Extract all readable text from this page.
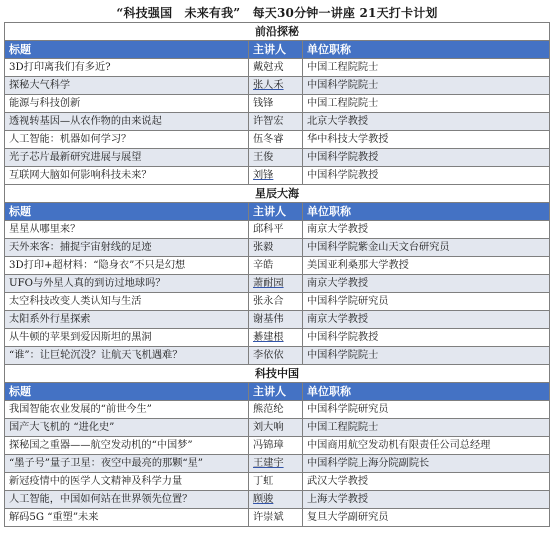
“科技强国　未来有我”　每天30分钟一讲座 21天打卡计划
前沿探秘		
标题	主讲人	单位职称
3D打印离我们有多近?	戴尅戎	中国工程院院士
探秘大气科学	张人禾	中国科学院院士
能源与科技创新	钱锋	中国工程院院士
透视转基因—从农作物的由来说起	许智宏	北京大学教授
人工智能：机器如何学习？	伍冬睿	华中科技大学教授
光子芯片最新研究进展与展望	王俊	中国科学院教授
互联网大脑如何影响科技未来？	刘锋	中国科学院教授
星辰大海		
标题	主讲人	单位职称
星星从哪里来？	邱科平	南京大学教授
天外来客：捕捉宇宙射线的足迹	张毅	中国科学院紫金山天文台研究员
3D打印+超材料：“隐身衣”不只是幻想	辛皓	美国亚利桑那大学教授
UFO与外星人真的到访过地球吗？	萧耐园	南京大学教授
太空科技改变人类认知与生活	张永合	中国科学院研究员
太阳系外行星探索	谢基伟	南京大学教授
从牛顿的苹果到爱因斯坦的黑洞	綦建根	中国科学院教授
“谁”：让巨轮沉没？让航天飞机遇难？	李依依	中国科学院院士
科技中国		
标题	主讲人	单位职称
我国智能农业发展的“前世今生”	熊范纶	中国科学院研究员
国产大飞机的 “进化史”	刘大响	中国工程院院士
探秘国之重器——航空发动机的“中国梦”	冯锦璋	中国商用航空发动机有限责任公司总经理
“墨子号”量子卫星：夜空中最亮的那颗“星”	王建宇	中国科学院上海分院副院长
新冠疫情中的医学人文精神及科学力量	丁虹	武汉大学教授
人工智能，中国如何站在世界领先位置？	顾骏	上海大学教授
解码5G “重塑”未来	许崇斌	复旦大学副研究员
